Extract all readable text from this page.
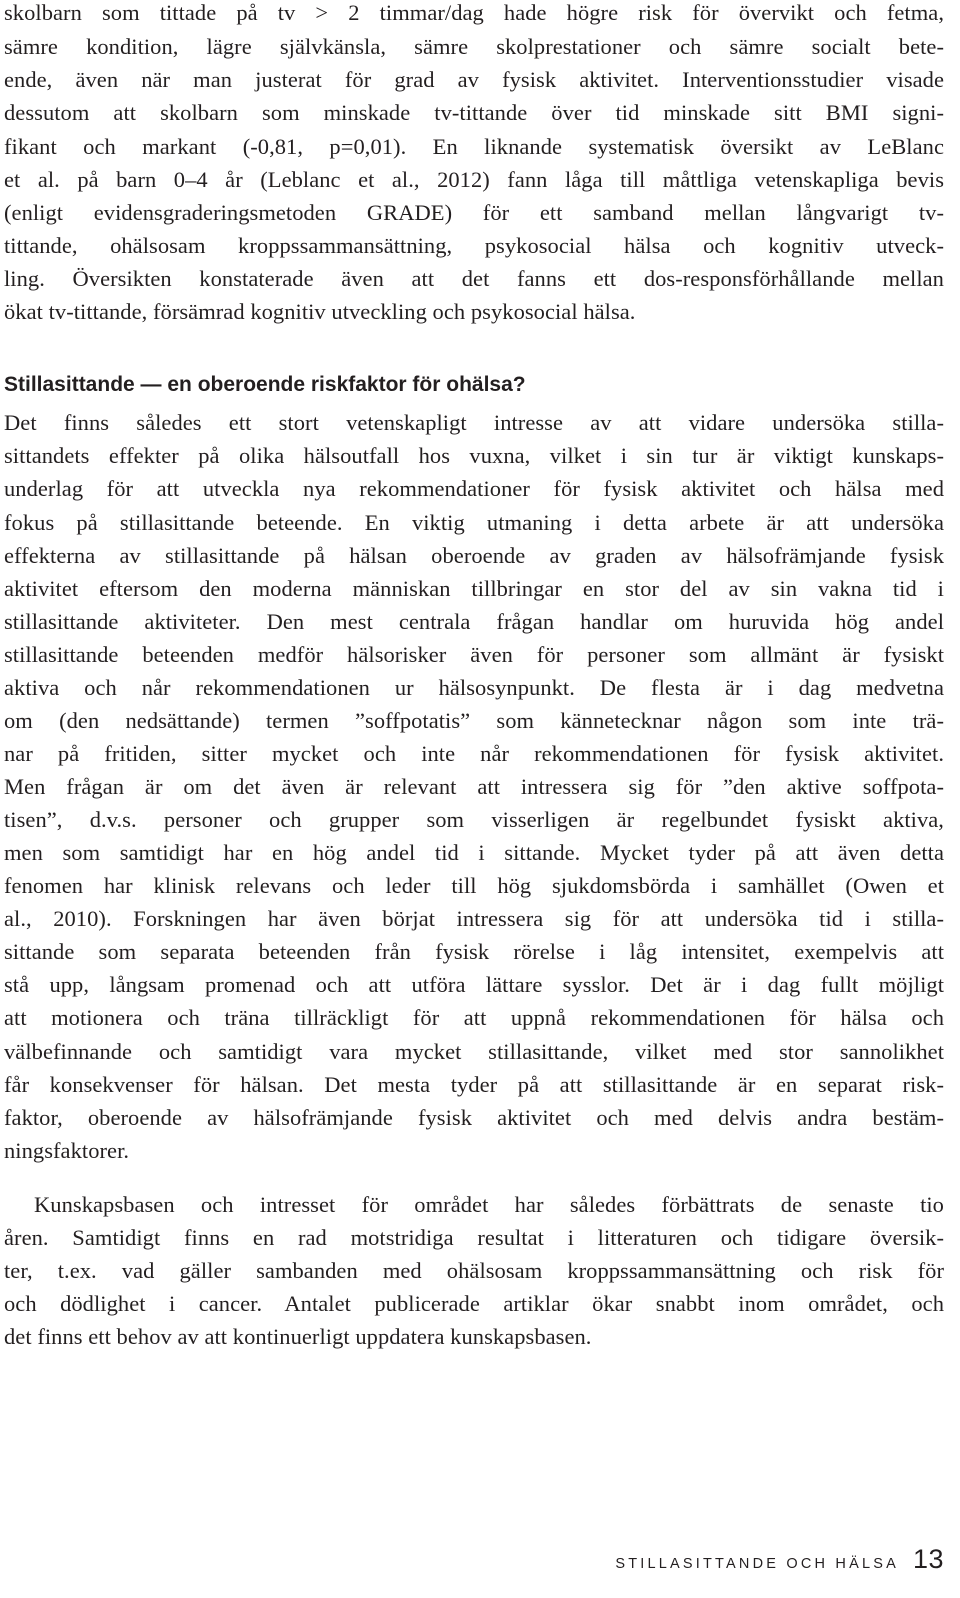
Stillasittande — en oberoende riskfaktor för ohälsa?
skolbarn som tittade på tv > 2 timmar/dag hade högre risk för övervikt och fetma,
sämre kondition, lägre självkänsla, sämre skolprestationer och sämre socialt bete-
ende, även när man justerat för grad av fysisk aktivitet. Interventionsstudier visade
dessutom att skolbarn som minskade tv-tittande över tid minskade sitt BMI signi-
fikant och markant (-0,81, p=0,01). En liknande systematisk översikt av LeBlanc
et al. på barn 0–4 år (Leblanc et al., 2012) fann låga till måttliga vetenskapliga bevis
(enligt evidensgraderingsmetoden GRADE) för ett samband mellan långvarigt tv-
tittande, ohälsosam kroppssammansättning, psykosocial hälsa och kognitiv utveck-
ling. Översikten konstaterade även att det fanns ett dos-responsförhållande mellan
ökat tv-tittande, försämrad kognitiv utveckling och psykosocial hälsa.
Det finns således ett stort vetenskapligt intresse av att vidare undersöka stilla-
sittandets effekter på olika hälsoutfall hos vuxna, vilket i sin tur är viktigt kunskaps-
underlag för att utveckla nya rekommendationer för fysisk aktivitet och hälsa med
fokus på stillasittande beteende. En viktig utmaning i detta arbete är att undersöka
effekterna av stillasittande på hälsan oberoende av graden av hälsofrämjande fysisk
aktivitet eftersom den moderna människan tillbringar en stor del av sin vakna tid i
stillasittande aktiviteter. Den mest centrala frågan handlar om huruvida hög andel
stillasittande beteenden medför hälsorisker även för personer som allmänt är fysiskt
aktiva och når rekommendationen ur hälsosynpunkt. De flesta är i dag medvetna
om (den nedsättande) termen ”soffpotatis” som kännetecknar någon som inte trä-
nar på fritiden, sitter mycket och inte når rekommendationen för fysisk aktivitet.
Men frågan är om det även är relevant att intressera sig för ”den aktive soffpota-
tisen”, d.v.s. personer och grupper som visserligen är regelbundet fysiskt aktiva,
men som samtidigt har en hög andel tid i sittande. Mycket tyder på att även detta
fenomen har klinisk relevans och leder till hög sjukdomsbörda i samhället (Owen et
al., 2010). Forskningen har även börjat intressera sig för att undersöka tid i stilla-
sittande som separata beteenden från fysisk rörelse i låg intensitet, exempelvis att
stå upp, långsam promenad och att utföra lättare sysslor. Det är i dag fullt möjligt
att motionera och träna tillräckligt för att uppnå rekommendationen för hälsa och
välbefinnande och samtidigt vara mycket stillasittande, vilket med stor sannolikhet
får konsekvenser för hälsan. Det mesta tyder på att stillasittande är en separat risk-
faktor, oberoende av hälsofrämjande fysisk aktivitet och med delvis andra bestäm-
ningsfaktorer.
Kunskapsbasen och intresset för området har således förbättrats de senaste tio
åren. Samtidigt finns en rad motstridiga resultat i litteraturen och tidigare översik-
ter, t.ex. vad gäller sambanden med ohälsosam kroppssammansättning och risk för
och dödlighet i cancer. Antalet publicerade artiklar ökar snabbt inom området, och
det finns ett behov av att kontinuerligt uppdatera kunskapsbasen.
STILLASITTANDE OCH HÄLSA 13
